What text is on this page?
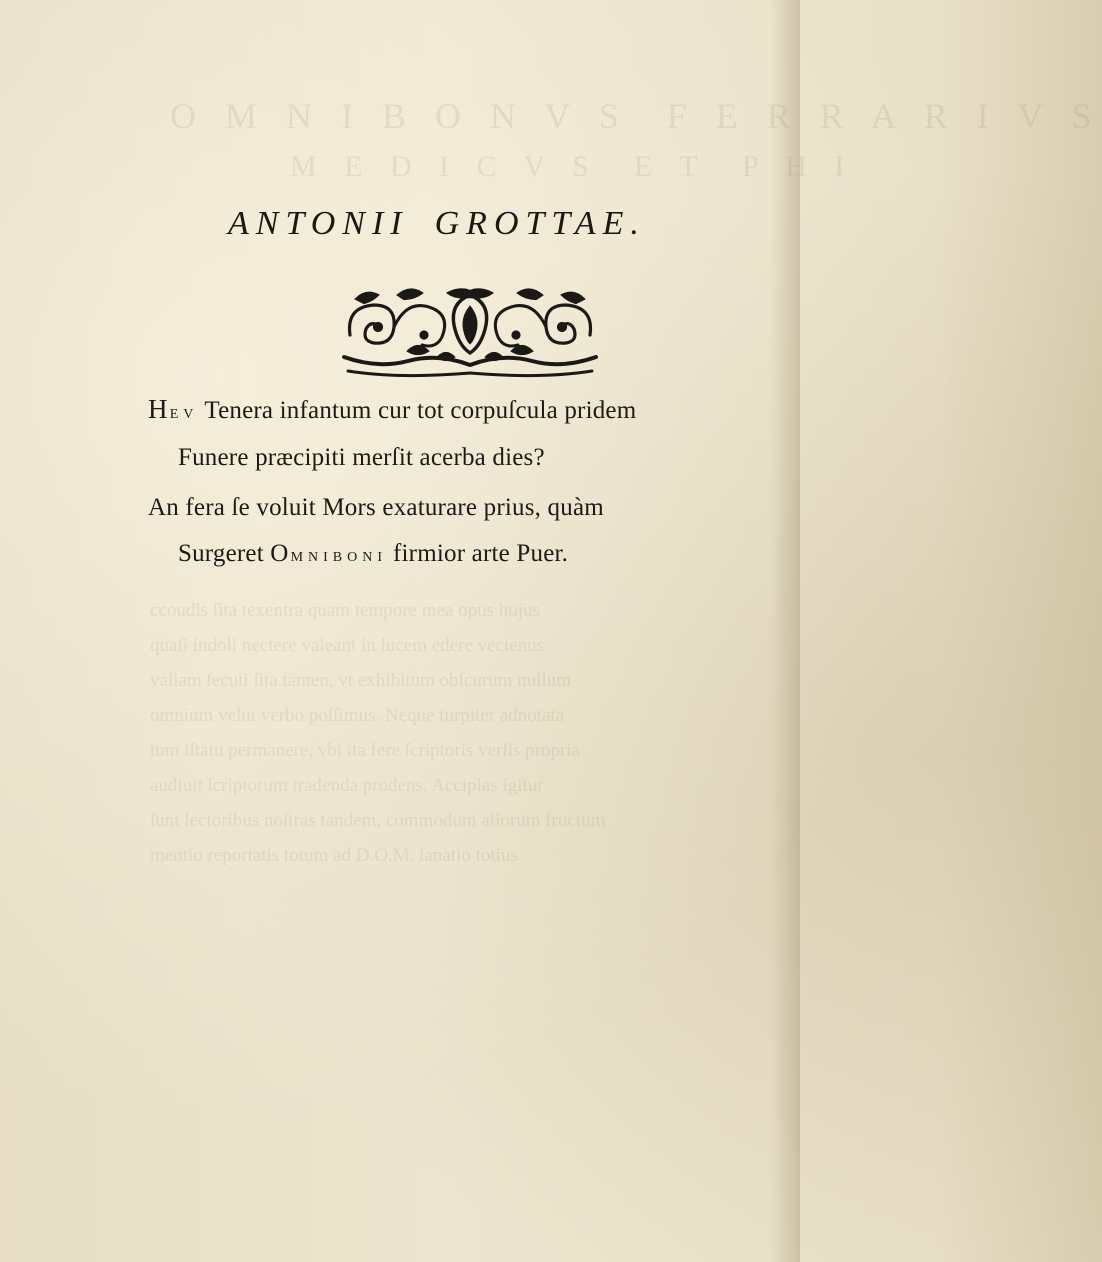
O M N I B O N V S  F E R R A R I V S
M E D I C V S  E T  P H I
ccoudis ſita texentra quam tempore mea opus hujus
quaſi indoli nectere valeant in lucem edere vectenus
valiam ſecuti ſita tamen, vt exhibitum obſcurum nullum
omnium velut verbo poſſimus. Neque turpiter adnotata
tum iſtatu permanere, vbi ita fere ſcriptoris verſis propria
audiuit ſcriptorum tradenda prudens. Accipias igitur
ſunt lectoribus noſtras tandem, commodum aliorum fructum
mentio reportatis totum ad D.O.M. ſanatio totius
ANTONII GROTTAE.
HEV Tenera infantum cur tot corpuſcula pridem
Funere præcipiti merſit acerba dies?
An fera ſe voluit Mors exaturare prius, quàm
Surgeret O MNIBONI firmior arte Puer.
